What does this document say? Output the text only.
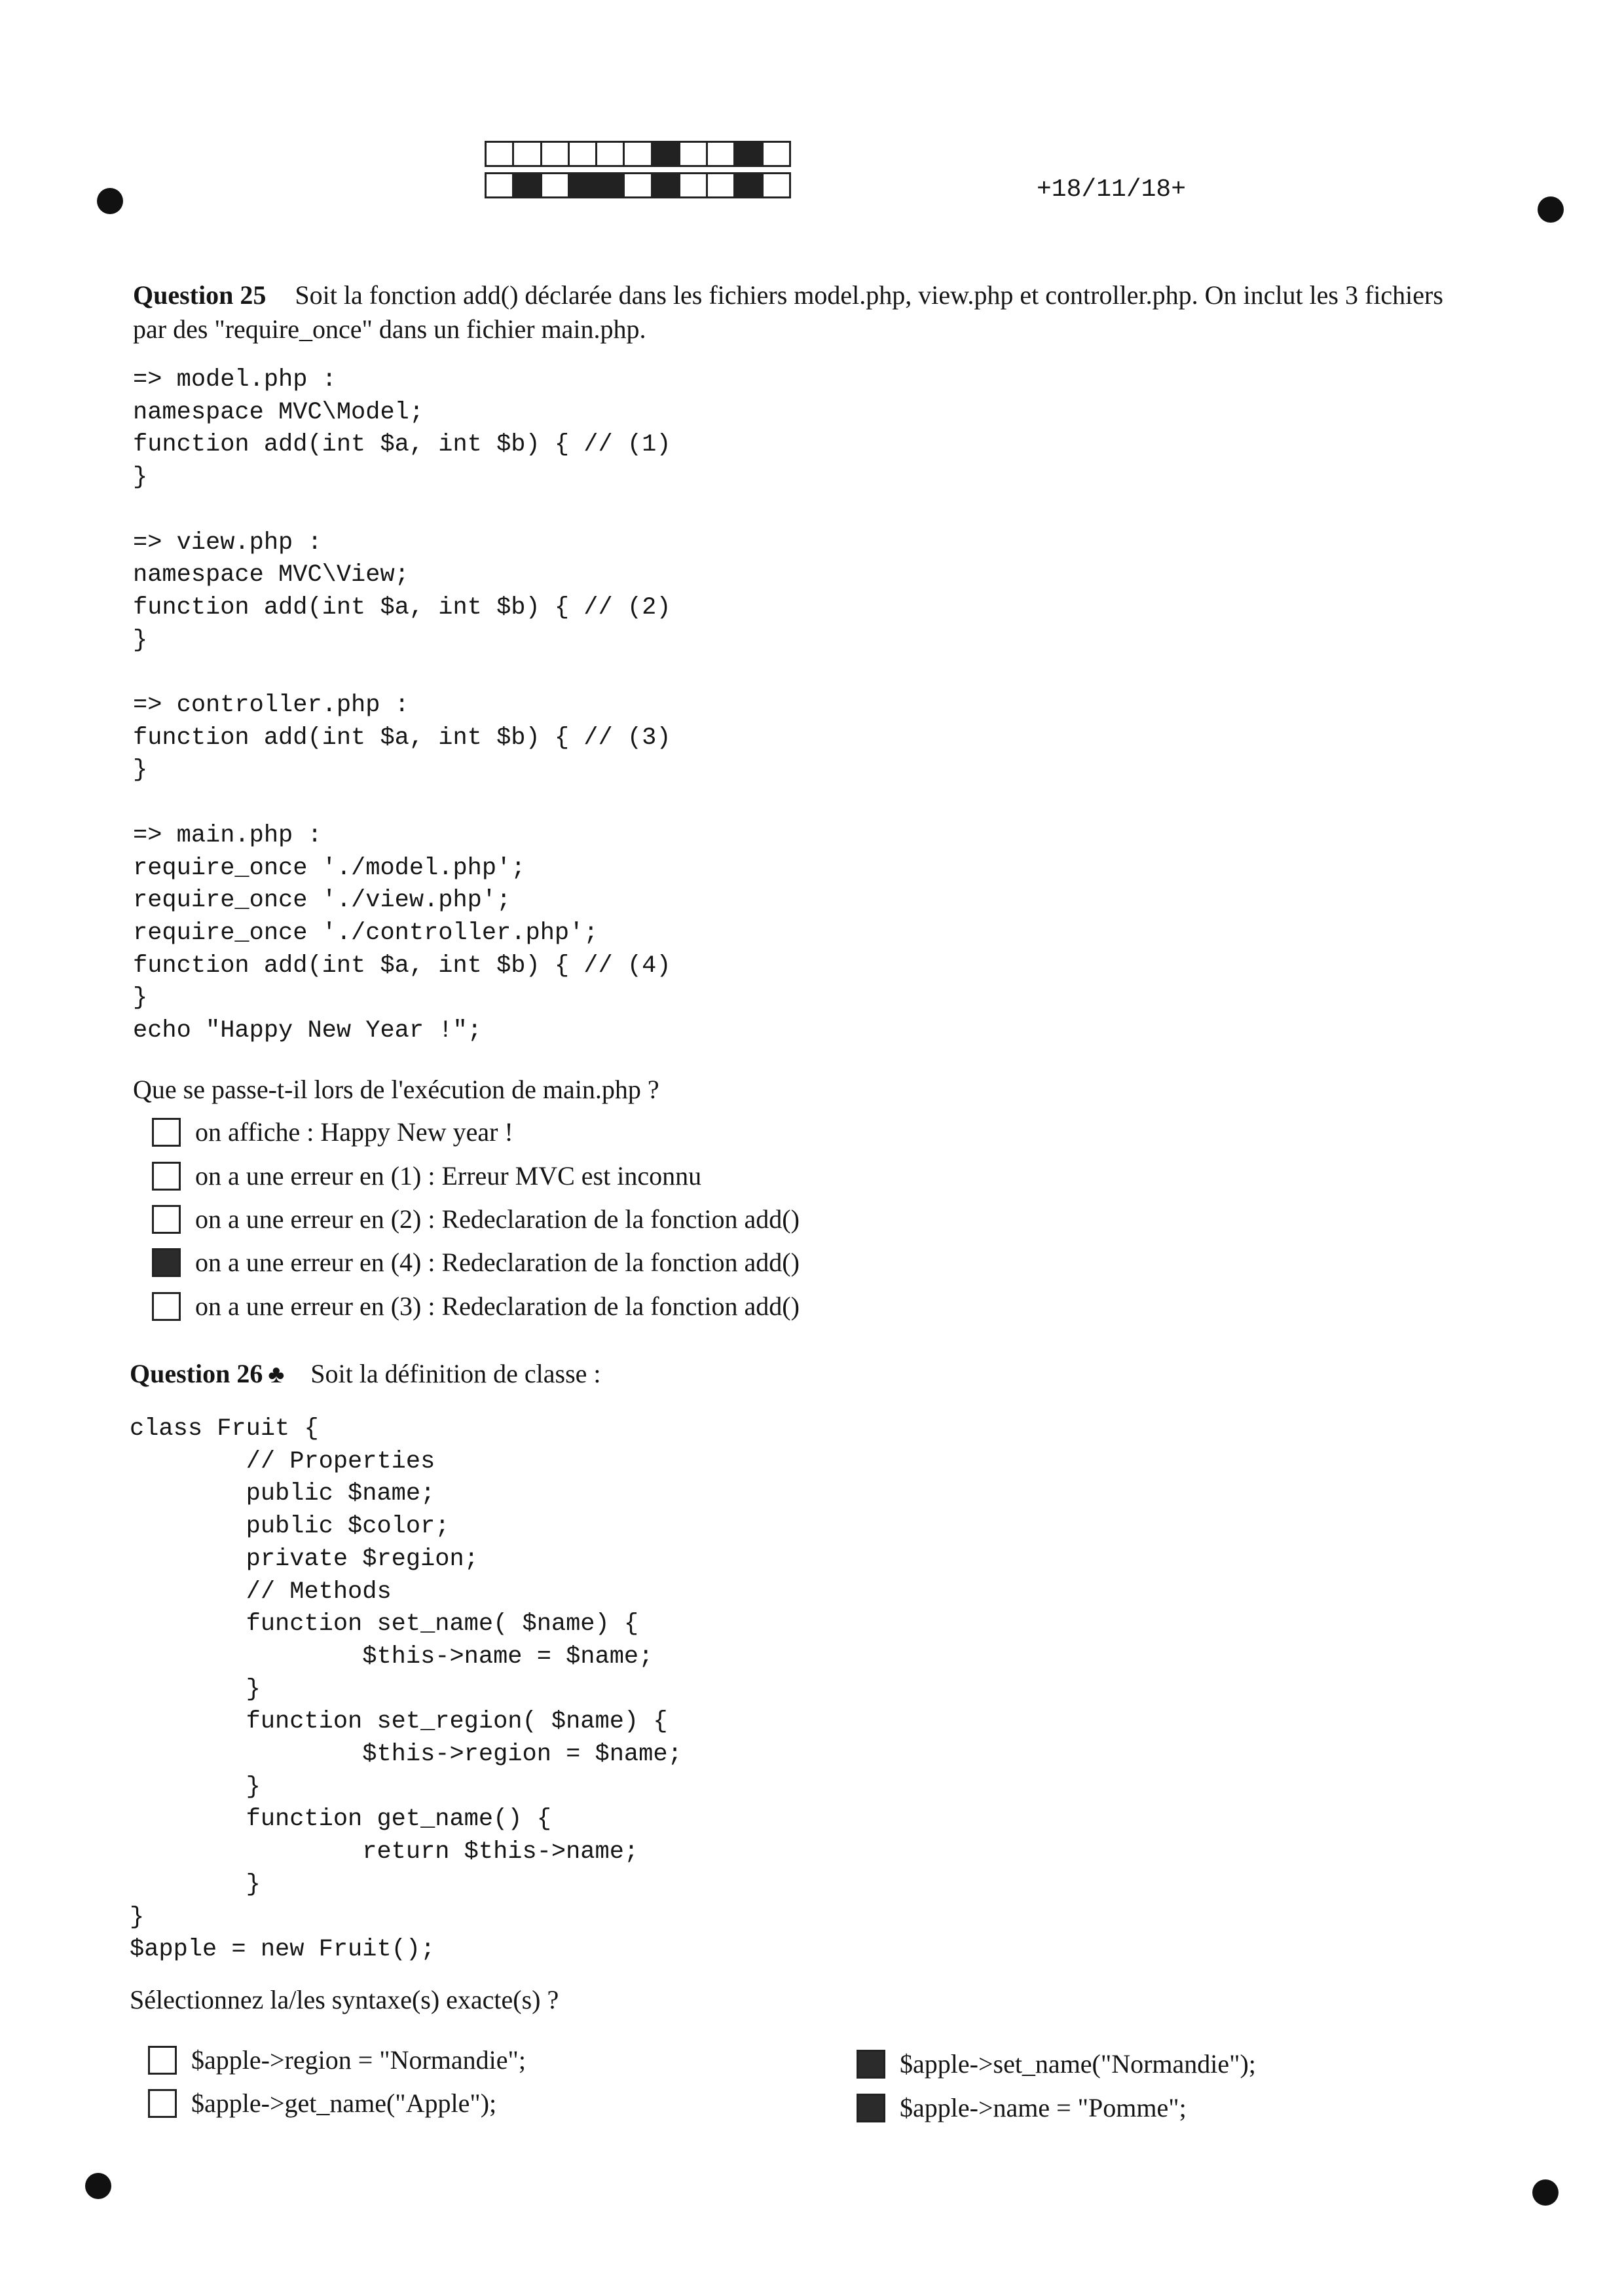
+18/11/18+
Question 25 Soit la fonction add() déclarée dans les fichiers model.php, view.php et controller.php. On inclut les 3 fichiers
par des "require_once" dans un fichier main.php.
=> model.php :
namespace MVC\Model;
function add(int $a, int $b) { // (1)
}

=> view.php :
namespace MVC\View;
function add(int $a, int $b) { // (2)
}

=> controller.php :
function add(int $a, int $b) { // (3)
}

=> main.php :
require_once './model.php';
require_once './view.php';
require_once './controller.php';
function add(int $a, int $b) { // (4)
}
echo "Happy New Year !";
Que se passe-t-il lors de l'exécution de main.php ?
on affiche : Happy New year !
on a une erreur en (1) : Erreur MVC est inconnu
on a une erreur en (2) : Redeclaration de la fonction add()
on a une erreur en (4) : Redeclaration de la fonction add()
on a une erreur en (3) : Redeclaration de la fonction add()
Question 26 ♣ Soit la définition de classe :
class Fruit {
// Properties
public $name;
public $color;
private $region;
// Methods
function set_name( $name) {
$this->name = $name;
}
function set_region( $name) {
$this->region = $name;
}
function get_name() {
return $this->name;
}
}
$apple = new Fruit();
Sélectionnez la/les syntaxe(s) exacte(s) ?
$apple->region = "Normandie";
$apple->get_name("Apple");
$apple->set_name("Normandie");
$apple->name = "Pomme";
